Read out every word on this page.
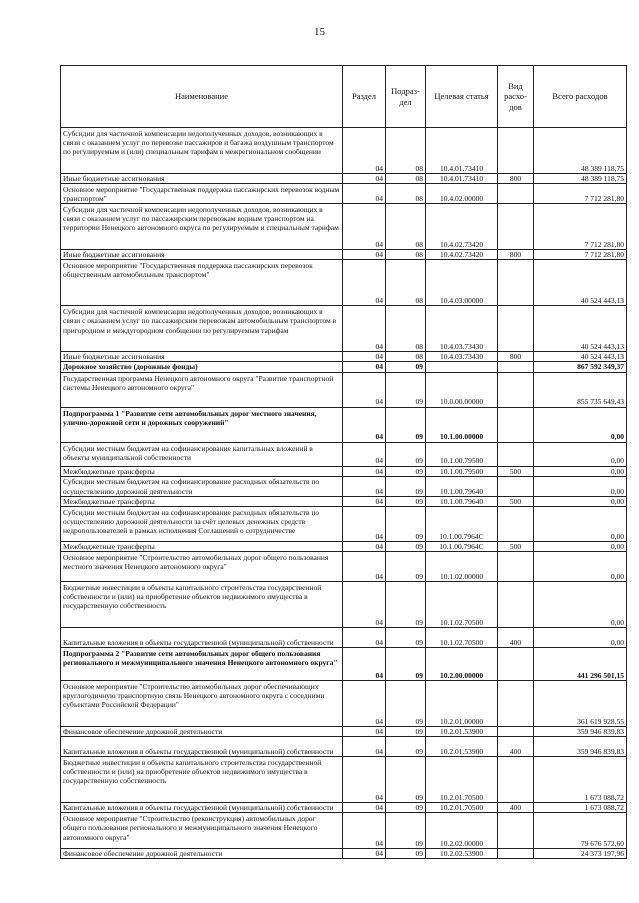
15
Наименование	Раздел	Подраз-дел	Целевая статья	Вид расхо-дов	Всего расходов

Субсидии для частичной компенсации недополученных доходов, возникающих в связи с оказанием услуг по перевозке пассажиров и багажа воздушным транспортом по регулируемым и (или) специальным тарифам в межрегиональном сообщении	04	08	10.4.01.73410		48 389 118,75
Иные бюджетные ассигнования	04	08	10.4.01.73410	800	48 389 118,75
Основное мероприятие "Государственная поддержка пассажирских перевозок водным транспортом"	04	08	10.4.02.00000		7 712 281,80

Субсидии для частичной компенсации недополученных доходов, возникающих в связи с оказанием услуг по пассажирским перевозкам водным транспортом на территории Ненецкого автономного округа по регулируемым и специальным тарифам	04	08	10.4.02.73420		7 712 281,80
Иные бюджетные ассигнования	04	08	10.4.02.73420	800	7 712 281,80

Основное мероприятие "Государственная поддержка пассажирских перевозок общественным автомобильным транспортом"	04	08	10.4.03.00000		40 524 443,13

Субсидии для частичной компенсации недополученных доходов, возникающих в связи с оказанием услуг по пассажирским перевозкам автомобильным транспортом в пригородном и междугородном сообщении по регулируемым тарифам	04	08	10.4.03.73430		40 524 443,13
Иные бюджетные ассигнования	04	08	10.4.03.73430	800	40 524 443,13
Дорожное хозяйство (дорожные фонды)	04	09			867 592 349,37

Государственная программа Ненецкого автономного округа "Развитие транспортной системы Ненецкого автономного округа"	04	09	10.0.00.00000		855 735 649,43

Подпрограмма 1 "Развитие сети автомобильных дорог местного значения, улично-дорожной сети и дорожных сооружений"	04	09	10.1.00.00000		0,00

Субсидии местным бюджетам на софинансирование капитальных вложений в объекты муниципальной собственности	04	09	10.1.00.79500		0,00
Межбюджетные трансферты	04	09	10.1.00.79500	500	0,00
Субсидии местным бюджетам на софинансирование расходных обязательств по осуществлению дорожной деятельности	04	09	10.1.00.79640		0,00
Межбюджетные трансферты	04	09	10.1.00.79640	500	0,00

Субсидии местным бюджетам на софинансирование расходных обязательств по осуществлению дорожной деятельности за счёт целевых денежных средств недропользователей в рамках исполнения Соглашений о сотрудничестве	04	09	10.1.00.7964С		0,00
Межбюджетные трансферты	04	09	10.1.00.7964С	500	0,00

Основное мероприятие "Строительство автомобильных дорог общего пользования местного значения Ненецкого автономного округа"	04	09	10.1.02.00000		0,00

Бюджетные инвестиции в объекты капитального строительства государственной собственности и (или) на приобретение объектов недвижимого имущества в государственную собственность	04	09	10.1.02.70500		0,00
Капитальные вложения в объекты государственной (муниципальной) собственности	04	09	10.1.02.70500	400	0,00

Подпрограмма 2 "Развитие сети автомобильных дорог общего пользования регионального и межмуниципального значения Ненецкого автономного округа"	04	09	10.2.00.00000		441 296 501,15

Основное мероприятие "Строительство автомобильных дорог обеспечивающих круглогодичную транспортную связь Ненецкого автономного округа с соседними субъектами Российской Федерации"	04	09	10.2.01.00000		361 619 928,55
Финансовое обеспечение дорожной деятельности	04	09	10.2.01.53900		359 946 839,83
Капитальные вложения в объекты государственной (муниципальной) собственности	04	09	10.2.01.53900	400	359 946 839,83

Бюджетные инвестиции в объекты капитального строительства государственной собственности и (или) на приобретение объектов недвижимого имущества в государственную собственность	04	09	10.2.01.70500		1 673 088,72
Капитальные вложения в объекты государственной (муниципальной) собственности	04	09	10.2.01.70500	400	1 673 088,72

Основное мероприятие "Строительство (реконструкция) автомобильных дорог общего пользования регионального и межмуниципального значения Ненецкого автономного округа"	04	09	10.2.02.00000		79 676 572,60
Финансовое обеспечение дорожной деятельности	04	09	10.2.02.53900		24 373 197,96
